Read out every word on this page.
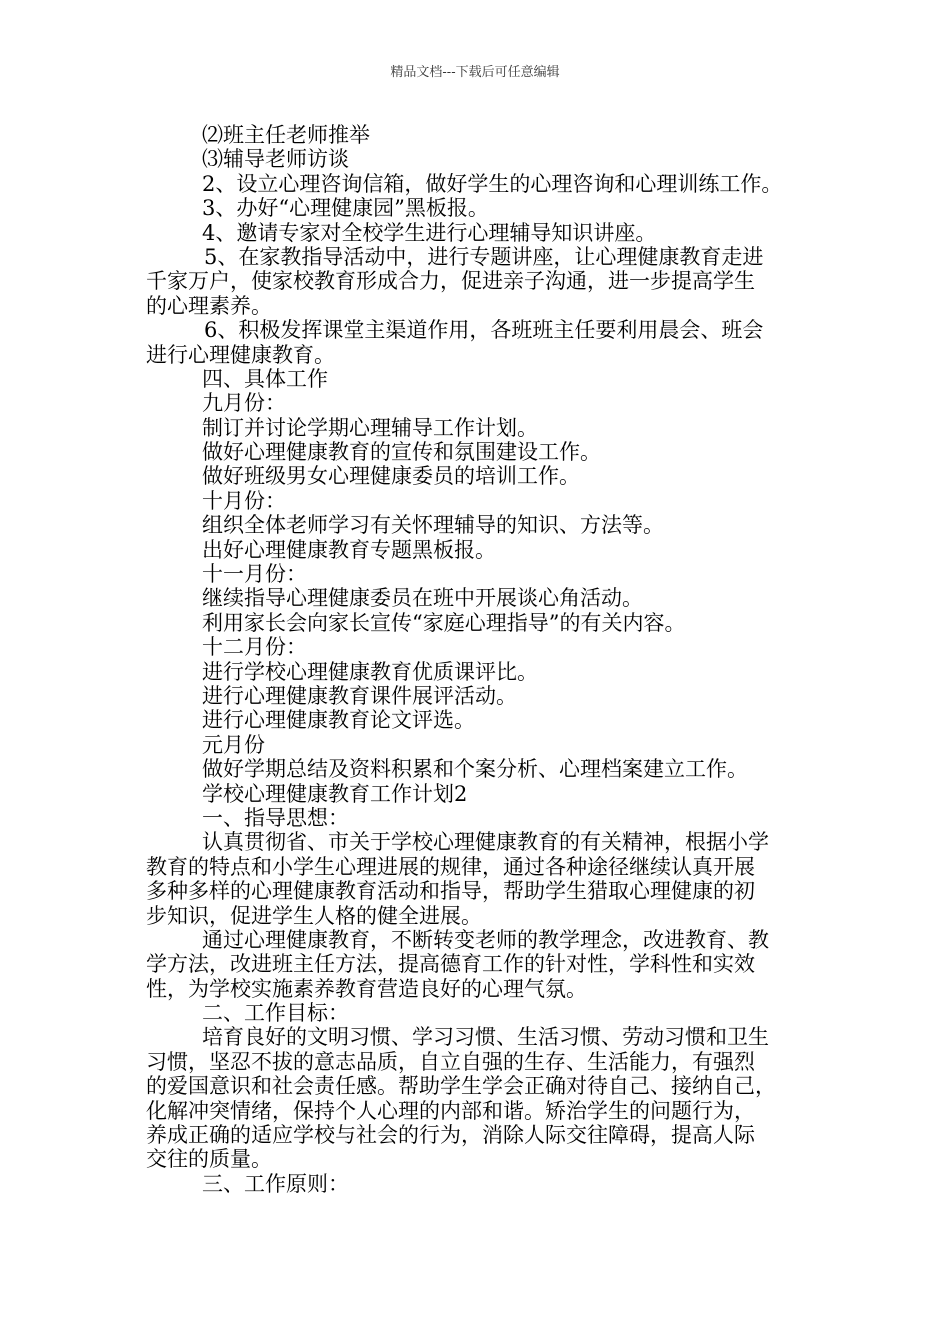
精品文档---下载后可任意编辑
⑵班主任老师推举
⑶辅导老师访谈
2、设立心理咨询信箱，做好学生的心理咨询和心理训练工作。
3、办好“心理健康园”黑板报。
4、邀请专家对全校学生进行心理辅导知识讲座。
5、在家教指导活动中，进行专题讲座，让心理健康教育走进
千家万户，使家校教育形成合力，促进亲子沟通，进一步提高学生
的心理素养。
6、积极发挥课堂主渠道作用，各班班主任要利用晨会、班会
进行心理健康教育。
四、具体工作
九月份：
制订并讨论学期心理辅导工作计划。
做好心理健康教育的宣传和氛围建设工作。
做好班级男女心理健康委员的培训工作。
十月份：
组织全体老师学习有关怀理辅导的知识、方法等。
出好心理健康教育专题黑板报。
十一月份：
继续指导心理健康委员在班中开展谈心角活动。
利用家长会向家长宣传“家庭心理指导”的有关内容。
十二月份：
进行学校心理健康教育优质课评比。
进行心理健康教育课件展评活动。
进行心理健康教育论文评选。
元月份
做好学期总结及资料积累和个案分析、心理档案建立工作。
学校心理健康教育工作计划2
一、指导思想：
认真贯彻省、市关于学校心理健康教育的有关精神，根据小学
教育的特点和小学生心理进展的规律，通过各种途径继续认真开展
多种多样的心理健康教育活动和指导，帮助学生猎取心理健康的初
步知识，促进学生人格的健全进展。
通过心理健康教育，不断转变老师的教学理念，改进教育、教
学方法，改进班主任方法，提高德育工作的针对性，学科性和实效
性，为学校实施素养教育营造良好的心理气氛。
二、工作目标：
培育良好的文明习惯、学习习惯、生活习惯、劳动习惯和卫生
习惯，坚忍不拔的意志品质，自立自强的生存、生活能力，有强烈
的爱国意识和社会责任感。帮助学生学会正确对待自己、接纳自己，
化解冲突情绪，保持个人心理的内部和谐。矫治学生的问题行为，
养成正确的适应学校与社会的行为，消除人际交往障碍，提高人际
交往的质量。
三、工作原则：
